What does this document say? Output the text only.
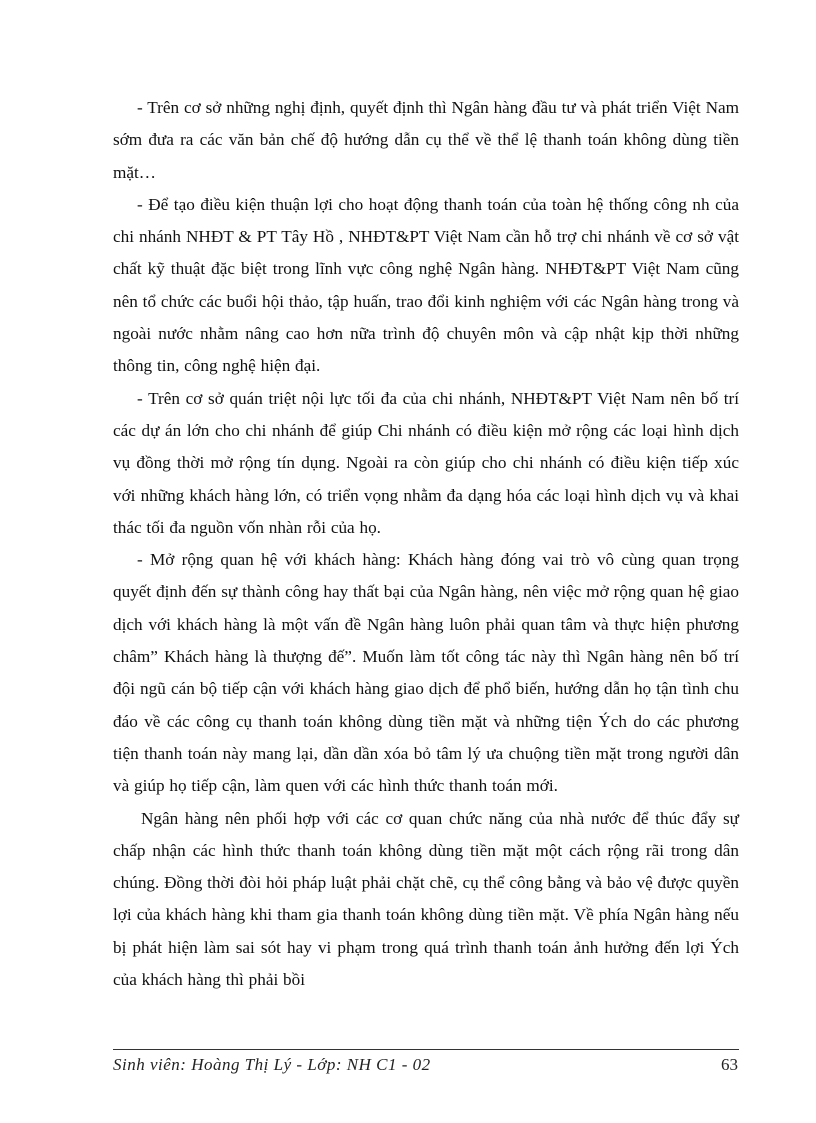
- Trên cơ sở những nghị định, quyết định thì Ngân hàng đầu tư và phát triển Việt Nam sớm đưa ra các văn bản chế độ hướng dẫn cụ thể về thể lệ thanh toán không dùng tiền mặt…

- Để tạo điều kiện thuận lợi cho hoạt động thanh toán của toàn hệ thống công nh của chi nhánh NHĐT & PT Tây Hồ , NHĐT&PT Việt Nam cần hỗ trợ chi nhánh về cơ sở vật chất kỹ thuật đặc biệt trong lĩnh vực công nghệ Ngân hàng. NHĐT&PT Việt Nam cũng nên tổ chức các buổi hội thảo, tập huấn, trao đổi kinh nghiệm với các Ngân hàng trong và ngoài nước nhằm nâng cao hơn nữa trình độ chuyên môn và cập nhật kịp thời những thông tin, công nghệ hiện đại.

- Trên cơ sở quán triệt nội lực tối đa của chi nhánh, NHĐT&PT Việt Nam nên bố trí các dự án lớn cho chi nhánh để giúp Chi nhánh có điều kiện mở rộng các loại hình dịch vụ đồng thời mở rộng tín dụng. Ngoài ra còn giúp cho chi nhánh có điều kiện tiếp xúc với những khách hàng lớn, có triển vọng nhằm đa dạng hóa các loại hình dịch vụ và khai thác tối đa nguồn vốn nhàn rỗi của họ.

- Mở rộng quan hệ với khách hàng: Khách hàng đóng vai trò vô cùng quan trọng quyết định đến sự thành công hay thất bại của Ngân hàng, nên việc mở rộng quan hệ giao dịch với khách hàng là một vấn đề Ngân hàng luôn phải quan tâm và thực hiện phương châm” Khách hàng là thượng đế”. Muốn làm tốt công tác này thì Ngân hàng nên bố trí đội ngũ cán bộ tiếp cận với khách hàng giao dịch để phổ biến, hướng dẫn họ tận tình chu đáo về các công cụ thanh toán không dùng tiền mặt và những tiện Ých do các phương tiện thanh toán này mang lại, dần dần xóa bỏ tâm lý ưa chuộng tiền mặt trong người dân và giúp họ tiếp cận, làm quen với các hình thức thanh toán mới.

Ngân hàng nên phối hợp với các cơ quan chức năng của nhà nước để thúc đẩy sự chấp nhận các hình thức thanh toán không dùng tiền mặt một cách rộng rãi trong dân chúng. Đồng thời đòi hỏi pháp luật phải chặt chẽ, cụ thể công bằng và bảo vệ được quyền lợi của khách hàng khi tham gia thanh toán không dùng tiền mặt. Về phía Ngân hàng nếu bị phát hiện làm sai sót hay vi phạm trong quá trình thanh toán ảnh hưởng đến lợi Ých của khách hàng thì phải bồi

Sinh viên: Hoàng Thị Lý - Lớp: NH C1 - 02	63
